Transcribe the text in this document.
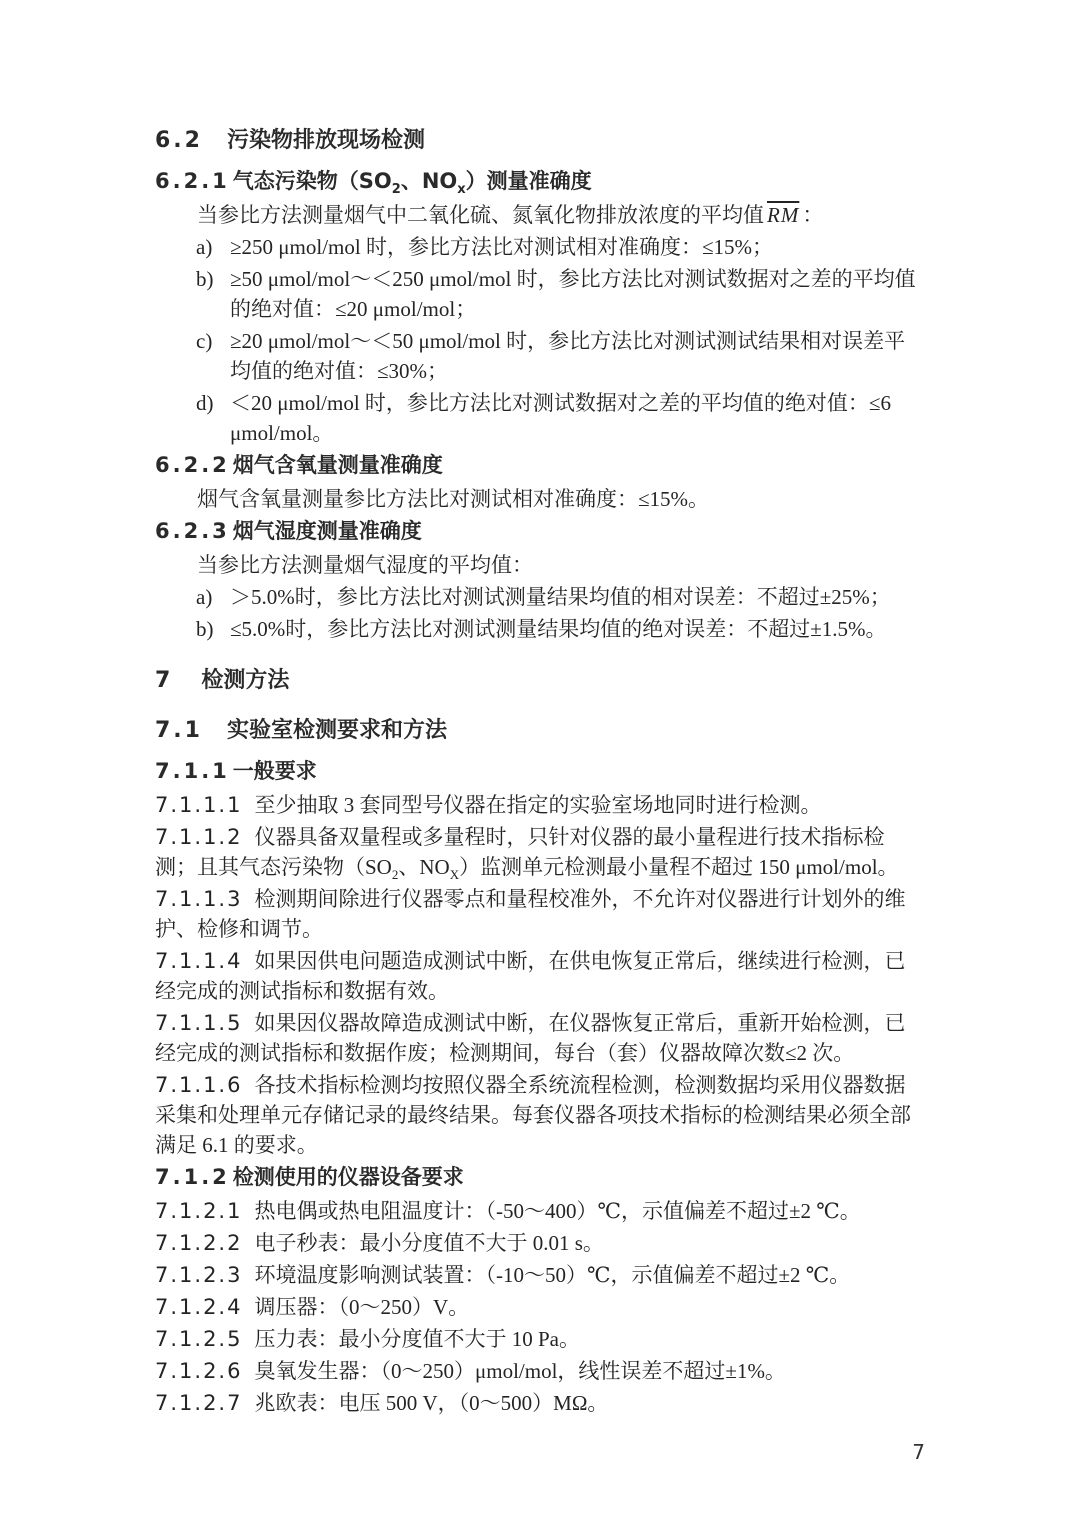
6.2 污染物排放现场检测
6.2.1 气态污染物（$SO_2$、$NO_x$）测量准确度
当参比方法测量烟气中二氧化硫、氮氧化物排放浓度的平均值 $\overline{RM}$ ：
a) ≥250 μmol/mol 时，参比方法比对测试相对准确度：≤15%；
b) ≥50 μmol/mol～＜250 μmol/mol 时，参比方法比对测试数据对之差的平均值的绝对值：≤20 μmol/mol；
c) ≥20 μmol/mol～＜50 μmol/mol 时，参比方法比对测试测试结果相对误差平均值的绝对值：≤30%；
d) ＜20 μmol/mol 时，参比方法比对测试数据对之差的平均值的绝对值：≤6 μmol/mol。
6.2.2 烟气含氧量测量准确度
烟气含氧量测量参比方法比对测试相对准确度：≤15%。
6.2.3 烟气湿度测量准确度
当参比方法测量烟气湿度的平均值：
a) ＞5.0%时，参比方法比对测试测量结果均值的相对误差：不超过±25%；
b) ≤5.0%时，参比方法比对测试测量结果均值的绝对误差：不超过±1.5%。
7 检测方法
7.1 实验室检测要求和方法
7.1.1 一般要求
7.1.1.1 至少抽取 3 套同型号仪器在指定的实验室场地同时进行检测。
7.1.1.2 仪器具备双量程或多量程时，只针对仪器的最小量程进行技术指标检测；且其气态污染物（$SO_2$、$NO_X$）监测单元检测最小量程不超过 150 μmol/mol。
7.1.1.3 检测期间除进行仪器零点和量程校准外，不允许对仪器进行计划外的维护、检修和调节。
7.1.1.4 如果因供电问题造成测试中断，在供电恢复正常后，继续进行检测，已经完成的测试指标和数据有效。
7.1.1.5 如果因仪器故障造成测试中断，在仪器恢复正常后，重新开始检测，已经完成的测试指标和数据作废；检测期间，每台（套）仪器故障次数≤2 次。
7.1.1.6 各技术指标检测均按照仪器全系统流程检测，检测数据均采用仪器数据采集和处理单元存储记录的最终结果。每套仪器各项技术指标的检测结果必须全部满足 6.1 的要求。
7.1.2 检测使用的仪器设备要求
7.1.2.1 热电偶或热电阻温度计：（-50～400）℃，示值偏差不超过±2 ℃。
7.1.2.2 电子秒表：最小分度值不大于 0.01 s。
7.1.2.3 环境温度影响测试装置：（-10～50）℃，示值偏差不超过±2 ℃。
7.1.2.4 调压器：（0～250）V。
7.1.2.5 压力表：最小分度值不大于 10 Pa。
7.1.2.6 臭氧发生器：（0～250）μmol/mol，线性误差不超过±1%。
7.1.2.7 兆欧表：电压 500 V，（0～500）MΩ。
7
